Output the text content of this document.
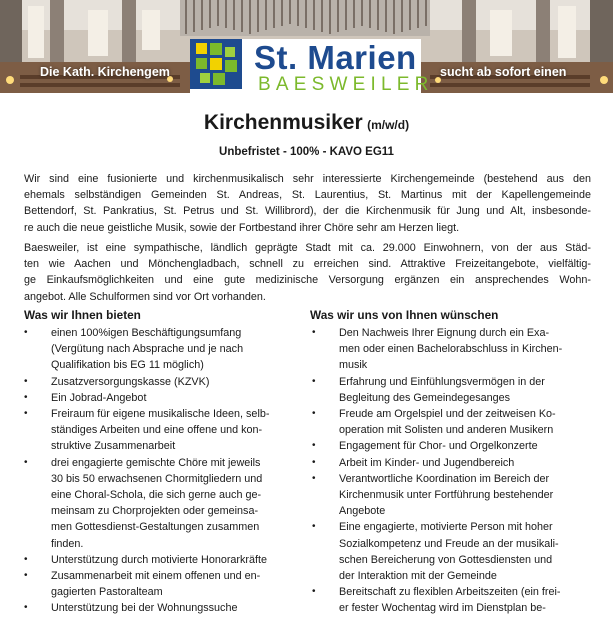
St. Marien
BAESWEILER
Die Kath. Kirchengem	sucht ab sofort einen
Kirchenmusiker (m/w/d)
Unbefristet - 100% - KAVO EG11

Wir sind eine fusionierte und kirchenmusikalisch sehr interessierte Kirchengemeinde (bestehend aus den
ehemals selbständigen Gemeinden St. Andreas, St. Laurentius, St. Martinus mit der Kapellengemeinde
Bettendorf, St. Pankratius, St. Petrus und St. Willibrord), der die Kirchenmusik für Jung und Alt, insbesonde-
re auch die neue geistliche Musik, sowie der Fortbestand ihrer Chöre sehr am Herzen liegt.

Baesweiler, ist eine sympathische, ländlich geprägte Stadt mit ca. 29.000 Einwohnern, von der aus Städ-
ten wie Aachen und Mönchengladbach, schnell zu erreichen sind. Attraktive Freizeitangebote, vielfältig-
ge Einkaufsmöglichkeiten und eine gute medizinische Versorgung ergänzen ein ansprechendes Wohn-
angebot. Alle Schulformen sind vor Ort vorhanden.

Was wir Ihnen bieten	Was wir uns von Ihnen wünschen
• einen 100%igen Beschäftigungsumfang
(Vergütung nach Absprache und je nach
Qualifikation bis EG 11 möglich)
• Zusatzversorgungskasse (KZVK)
• Ein Jobrad-Angebot
• Freiraum für eigene musikalische Ideen, selb-
ständiges Arbeiten und eine offene und kon-
struktive Zusammenarbeit
• drei engagierte gemischte Chöre mit jeweils
30 bis 50 erwachsenen Chormitgliedern und
eine Choral-Schola, die sich gerne auch ge-
meinsam zu Chorprojekten oder gemeinsa-
men Gottesdienst-Gestaltungen zusammen
finden.
• Unterstützung durch motivierte Honorarkräfte
• Zusammenarbeit mit einem offenen und en-
gagierten Pastoralteam
• Unterstützung bei der Wohnungssuche
• Den Nachweis Ihrer Eignung durch ein Exa-
men oder einen Bachelorabschluss in Kirchen-
musik
• Erfahrung und Einfühlungsvermögen in der
Begleitung des Gemeindegesanges
• Freude am Orgelspiel und der zeitweisen Ko-
operation mit Solisten und anderen Musikern
• Engagement für Chor- und Orgelkonzerte
• Arbeit im Kinder- und Jugendbereich
• Verantwortliche Koordination im Bereich der
Kirchenmusik unter Fortführung bestehender
Angebote
• Eine engagierte, motivierte Person mit hoher
Sozialkompetenz und Freude an der musikali-
schen Bereicherung von Gottesdiensten und
der Interaktion mit der Gemeinde
• Bereitschaft zu flexiblen Arbeitszeiten (ein frei-
er fester Wochentag wird im Dienstplan be-
